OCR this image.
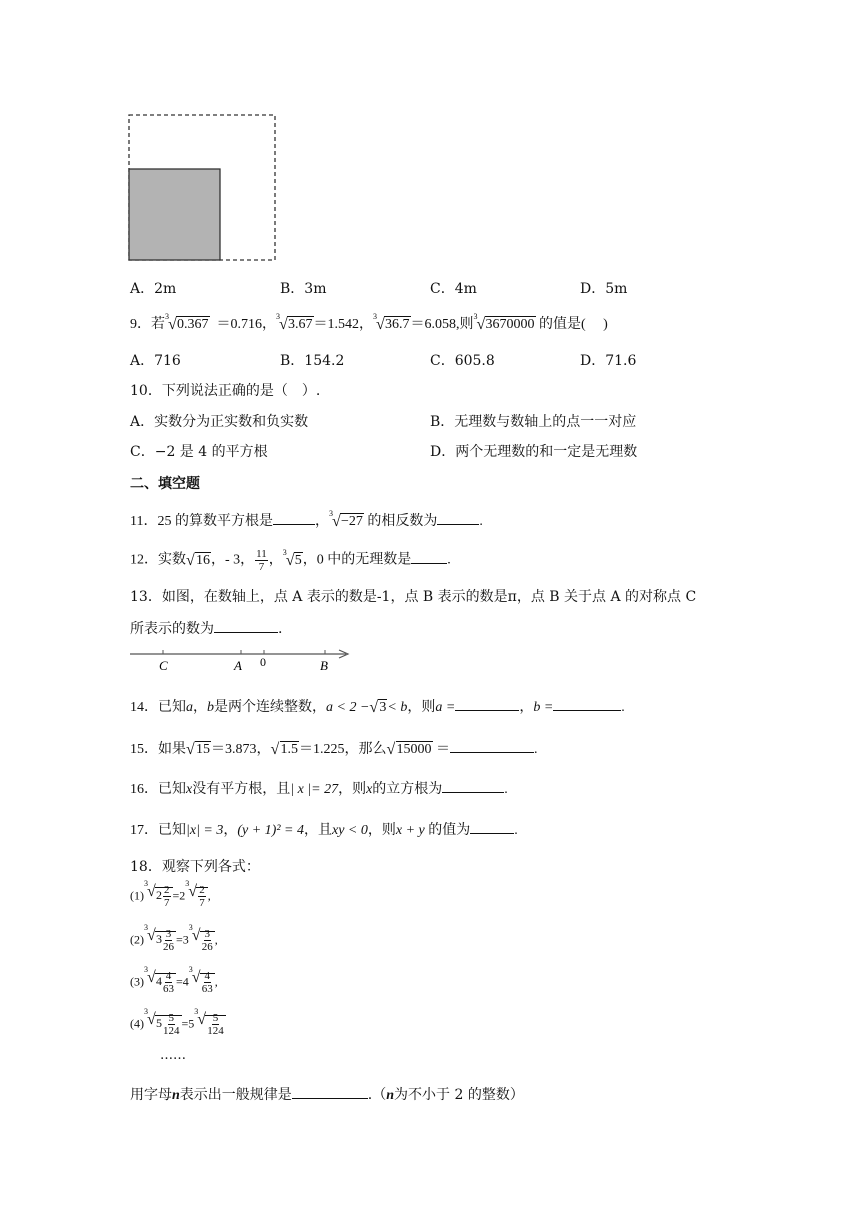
A．2m	B．3m	C．4m	D．5m
9．若
3 √ 0.367 ＝0.716，
3 √ 3.67＝1.542，
3 √ 36.7＝6.058,则
3 √ 3670000 的值是(　 )
A．716	B．154.2	C．605.8	D．71.6
10．下列说法正确的是（　）.
A．实数分为正实数和负实数	B．无理数与数轴上的点一一对应
C．−2 是 4 的平方根	D．两个无理数的和一定是无理数
二、填空题
11．25 的算数平方根是	，
3 √ −27 的相反数为	.
12．实数 √ 16，- 3， $\frac{11}{7}$ ，
3 √ 5，0 中的无理数是	.
13．如图，在数轴上，点 A 表示的数是-1，点 B 表示的数是π，点 B 关于点 A 的对称点 C
所表示的数为	.
C	A 0	B
14．已知a，b是两个连续整数，a < 2 − √ 3< b，则a =	，b =	.
15．如果 √ 15＝3.873， √ 1.5＝1.225，那么 √ 15000 ＝	.
16．已知x没有平方根，且| x |= 27，则x的立方根为	.
17．已知|x| = 3，(y + 1)² = 4，且xy < 0，则x + y 的值为	.
18．观察下列各式：
(1)
3 √ $2 \frac{2}{7} =2$
3 √ $\frac{2}{7}$ ,
(2)
3 √ $3 \frac{3}{26} =3$
3 √ $\frac{3}{26}$ ,
(3)
3 √ $4 \frac{4}{63} =4$
3 √ $\frac{4}{63}$ ,
(4)
3 √ $5 \frac{5}{124} =5$
3 √ $\frac{5}{124}$
……
用字母n表示出一般规律是	.（n为不小于 2 的整数）
